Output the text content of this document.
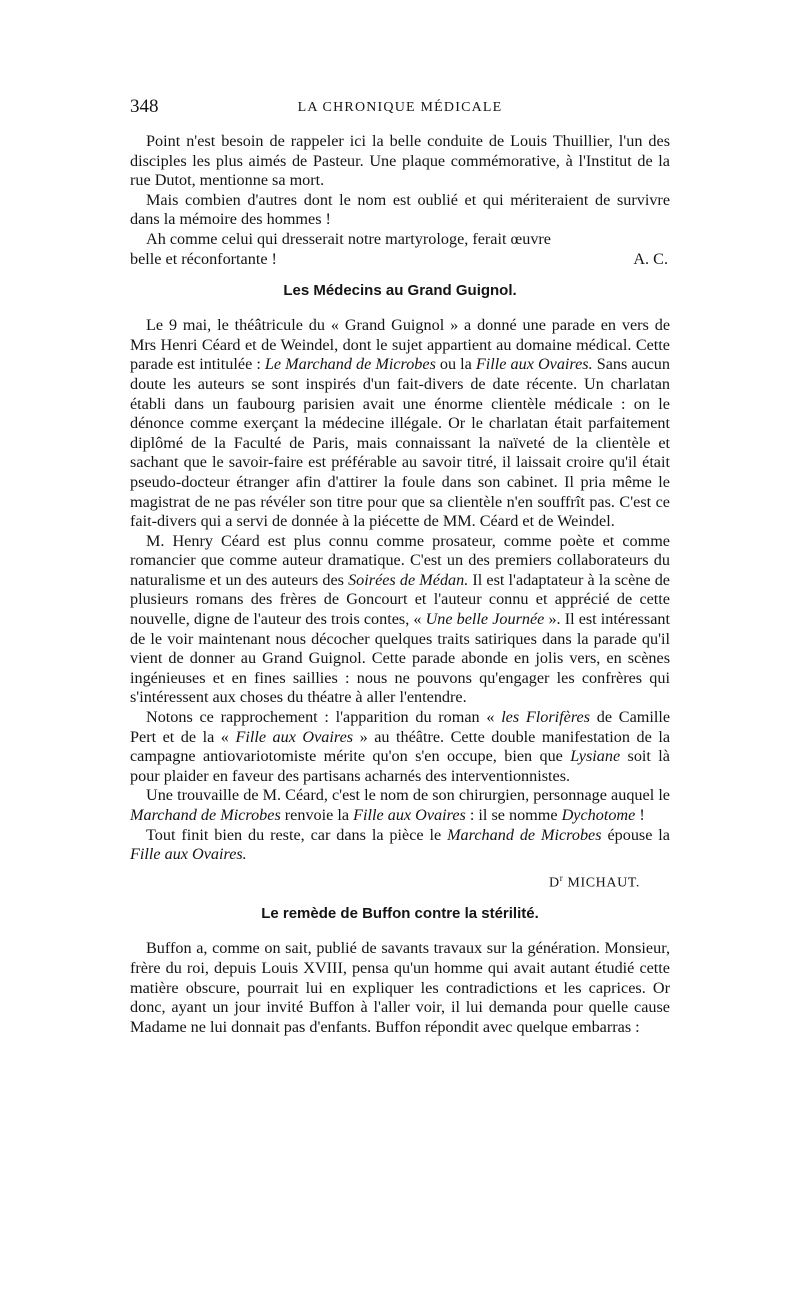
348	LA CHRONIQUE MÉDICALE

Point n'est besoin de rappeler ici la belle conduite de Louis Thuillier, l'un des disciples les plus aimés de Pasteur. Une plaque commémorative, à l'Institut de la rue Dutot, mentionne sa mort.

Mais combien d'autres dont le nom est oublié et qui mériteraient de survivre dans la mémoire des hommes !

Ah comme celui qui dresserait notre martyrologe, ferait œuvre

belle et réconfortante !	A. C.
Les Médecins au Grand Guignol.

Le 9 mai, le théâtricule du « Grand Guignol » a donné une parade en vers de Mrs Henri Céard et de Weindel, dont le sujet appartient au domaine médical. Cette parade est intitulée : Le Marchand de Microbes ou la Fille aux Ovaires. Sans aucun doute les auteurs se sont inspirés d'un fait-divers de date récente. Un charlatan établi dans un faubourg parisien avait une énorme clientèle médicale : on le dénonce comme exerçant la médecine illégale. Or le charlatan était parfaitement diplômé de la Faculté de Paris, mais connaissant la naïveté de la clientèle et sachant que le savoir-faire est préférable au savoir titré, il laissait croire qu'il était pseudo-docteur étranger afin d'attirer la foule dans son cabinet. Il pria même le magistrat de ne pas révéler son titre pour que sa clientèle n'en souffrît pas. C'est ce fait-divers qui a servi de donnée à la piécette de MM. Céard et de Weindel.

M. Henry Céard est plus connu comme prosateur, comme poète et comme romancier que comme auteur dramatique. C'est un des premiers collaborateurs du naturalisme et un des auteurs des Soirées de Médan. Il est l'adaptateur à la scène de plusieurs romans des frères de Goncourt et l'auteur connu et apprécié de cette nouvelle, digne de l'auteur des trois contes, « Une belle Journée ». Il est intéressant de le voir maintenant nous décocher quelques traits satiriques dans la parade qu'il vient de donner au Grand Guignol. Cette parade abonde en jolis vers, en scènes ingénieuses et en fines saillies : nous ne pouvons qu'engager les confrères qui s'intéressent aux choses du théatre à aller l'entendre.

Notons ce rapprochement : l'apparition du roman « les Florifères de Camille Pert et de la « Fille aux Ovaires » au théâtre. Cette double manifestation de la campagne antiovariotomiste mérite qu'on s'en occupe, bien que Lysiane soit là pour plaider en faveur des partisans acharnés des interventionnistes.

Une trouvaille de M. Céard, c'est le nom de son chirurgien, personnage auquel le Marchand de Microbes renvoie la Fille aux Ovaires : il se nomme Dychotome !

Tout finit bien du reste, car dans la pièce le Marchand de Microbes épouse la Fille aux Ovaires.

$D^r$ MICHAUT.
Le remède de Buffon contre la stérilité.

Buffon a, comme on sait, publié de savants travaux sur la génération. Monsieur, frère du roi, depuis Louis XVIII, pensa qu'un homme qui avait autant étudié cette matière obscure, pourrait lui en expliquer les contradictions et les caprices. Or donc, ayant un jour invité Buffon à l'aller voir, il lui demanda pour quelle cause Madame ne lui donnait pas d'enfants. Buffon répondit avec quelque embarras :
